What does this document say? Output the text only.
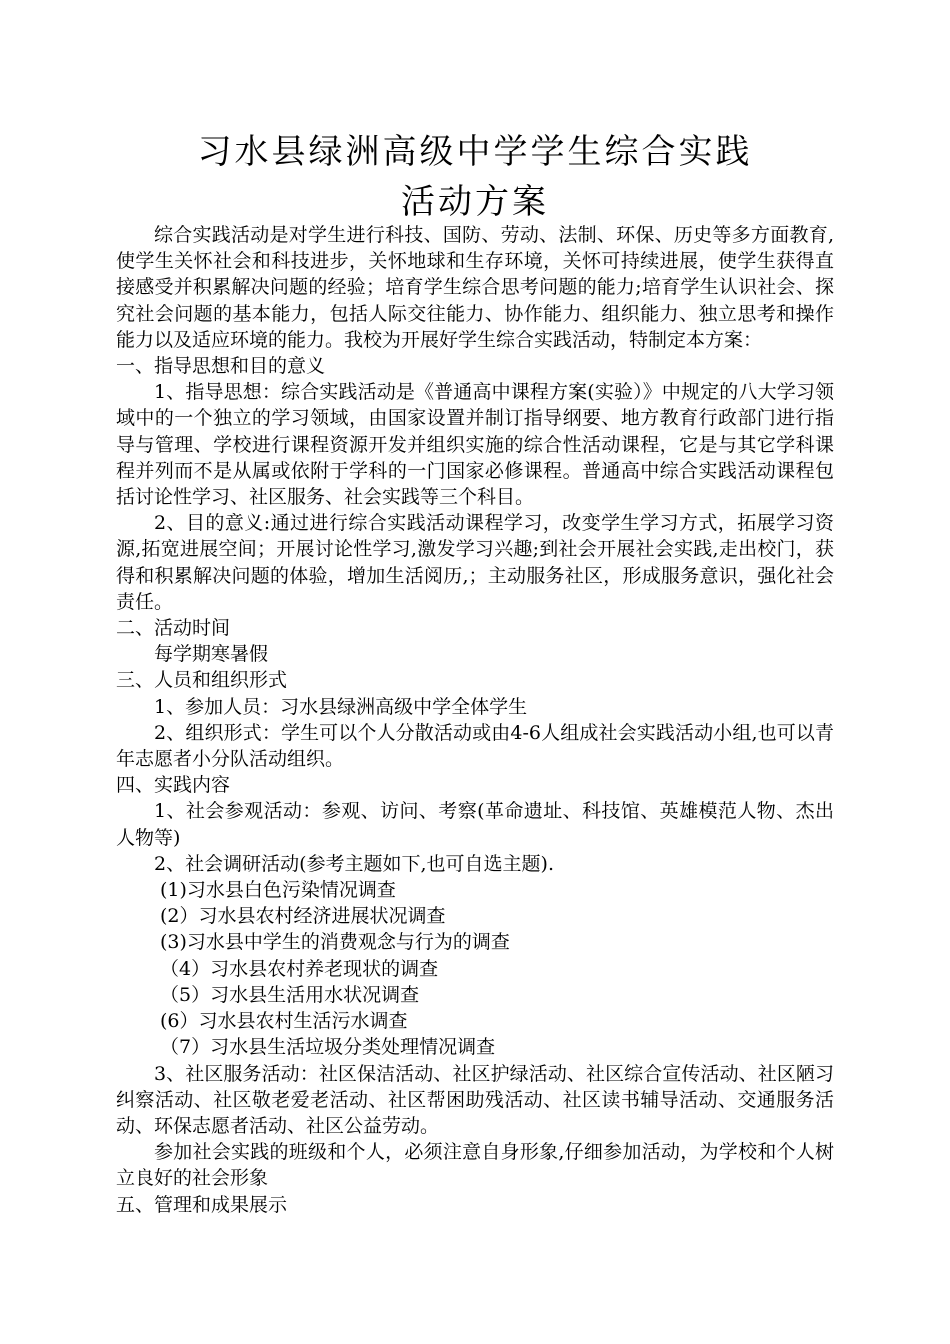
习水县绿洲高级中学学生综合实践
活动方案

综合实践活动是对学生进行科技、国防、劳动、法制、环保、历史等多方面教育,使学生关怀社会和科技进步，关怀地球和生存环境，关怀可持续进展，使学生获得直接感受并积累解决问题的经验；培育学生综合思考问题的能力;培育学生认识社会、探究社会问题的基本能力，包括人际交往能力、协作能力、组织能力、独立思考和操作能力以及适应环境的能力。我校为开展好学生综合实践活动，特制定本方案：

一、指导思想和目的意义

1、指导思想：综合实践活动是《普通高中课程方案(实验）》中规定的八大学习领域中的一个独立的学习领域，由国家设置并制订指导纲要、地方教育行政部门进行指导与管理、学校进行课程资源开发并组织实施的综合性活动课程，它是与其它学科课程并列而不是从属或依附于学科的一门国家必修课程。普通高中综合实践活动课程包括讨论性学习、社区服务、社会实践等三个科目。

2、目的意义:通过进行综合实践活动课程学习，改变学生学习方式，拓展学习资源,拓宽进展空间；开展讨论性学习,激发学习兴趣;到社会开展社会实践,走出校门，获得和积累解决问题的体验，增加生活阅历,；主动服务社区，形成服务意识，强化社会责任。

二、活动时间

每学期寒暑假

三、人员和组织形式

1、参加人员：习水县绿洲高级中学全体学生

2、组织形式：学生可以个人分散活动或由4-6人组成社会实践活动小组,也可以青年志愿者小分队活动组织。

四、实践内容

1、社会参观活动：参观、访问、考察(革命遗址、科技馆、英雄模范人物、杰出人物等)

2、社会调研活动(参考主题如下,也可自选主题).

(1)习水县白色污染情况调查

(2）习水县农村经济进展状况调查

(3)习水县中学生的消费观念与行为的调查

（4）习水县农村养老现状的调查

（5）习水县生活用水状况调查

(6）习水县农村生活污水调查

（7）习水县生活垃圾分类处理情况调查

3、社区服务活动：社区保洁活动、社区护绿活动、社区综合宣传活动、社区陋习纠察活动、社区敬老爱老活动、社区帮困助残活动、社区读书辅导活动、交通服务活动、环保志愿者活动、社区公益劳动。

参加社会实践的班级和个人，必须注意自身形象,仔细参加活动，为学校和个人树立良好的社会形象

五、管理和成果展示
